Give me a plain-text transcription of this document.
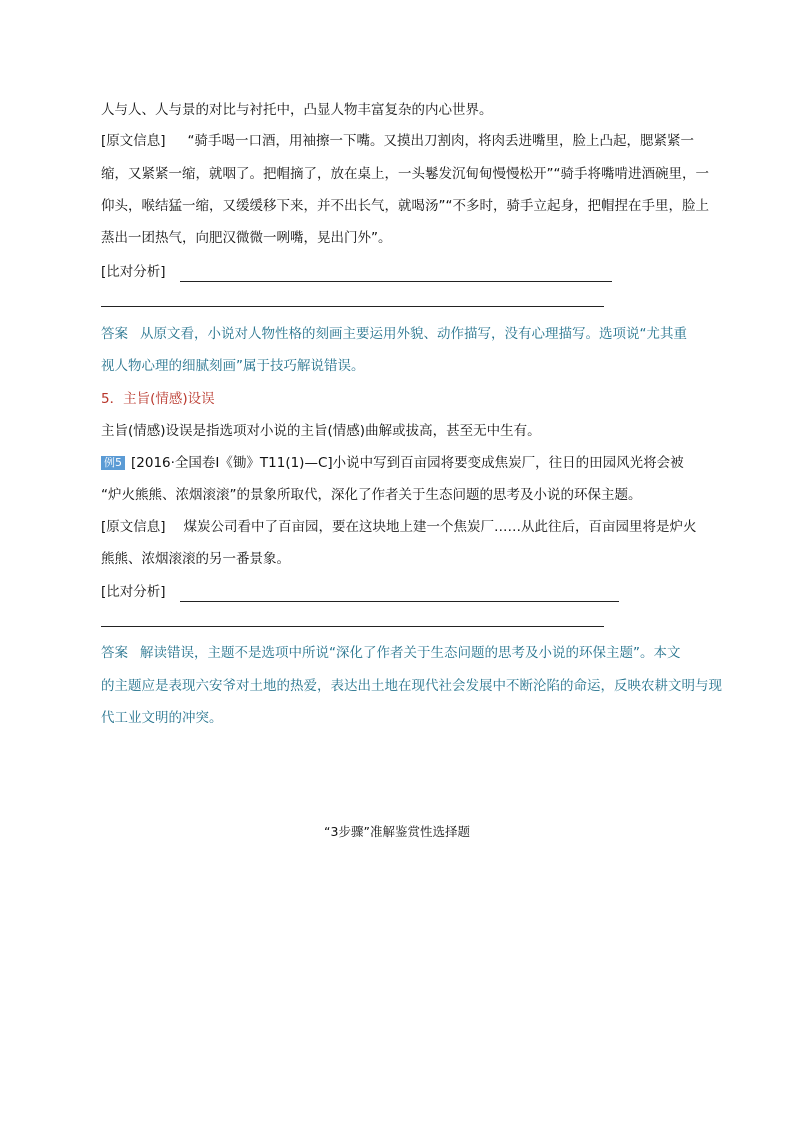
人与人、人与景的对比与衬托中，凸显人物丰富复杂的内心世界。
[原文信息] “骑手喝一口酒，用袖擦一下嘴。又摸出刀割肉，将肉丢进嘴里，脸上凸起，腮紧紧一
缩，又紧紧一缩，就咽了。把帽摘了，放在桌上，一头鬈发沉甸甸慢慢松开”“骑手将嘴啃进酒碗里，一
仰头，喉结猛一缩，又缓缓移下来，并不出长气，就喝汤”“不多时，骑手立起身，把帽捏在手里，脸上
蒸出一团热气，向肥汉微微一咧嘴，晃出门外”。
[比对分析]
答案 从原文看，小说对人物性格的刻画主要运用外貌、动作描写，没有心理描写。选项说“尤其重
视人物心理的细腻刻画”属于技巧解说错误。
5．主旨(情感)设误
主旨(情感)设误是指选项对小说的主旨(情感)曲解或拔高，甚至无中生有。
例5 [2016·全国卷Ⅰ《锄》T11(1)—C]小说中写到百亩园将要变成焦炭厂，往日的田园风光将会被
“炉火熊熊、浓烟滚滚”的景象所取代，深化了作者关于生态问题的思考及小说的环保主题。
[原文信息] 煤炭公司看中了百亩园，要在这块地上建一个焦炭厂……从此往后，百亩园里将是炉火
熊熊、浓烟滚滚的另一番景象。
[比对分析]
答案 解读错误，主题不是选项中所说“深化了作者关于生态问题的思考及小说的环保主题”。本文
的主题应是表现六安爷对土地的热爱，表达出土地在现代社会发展中不断沦陷的命运，反映农耕文明与现
代工业文明的冲突。
“3步骤”准解鉴赏性选择题
